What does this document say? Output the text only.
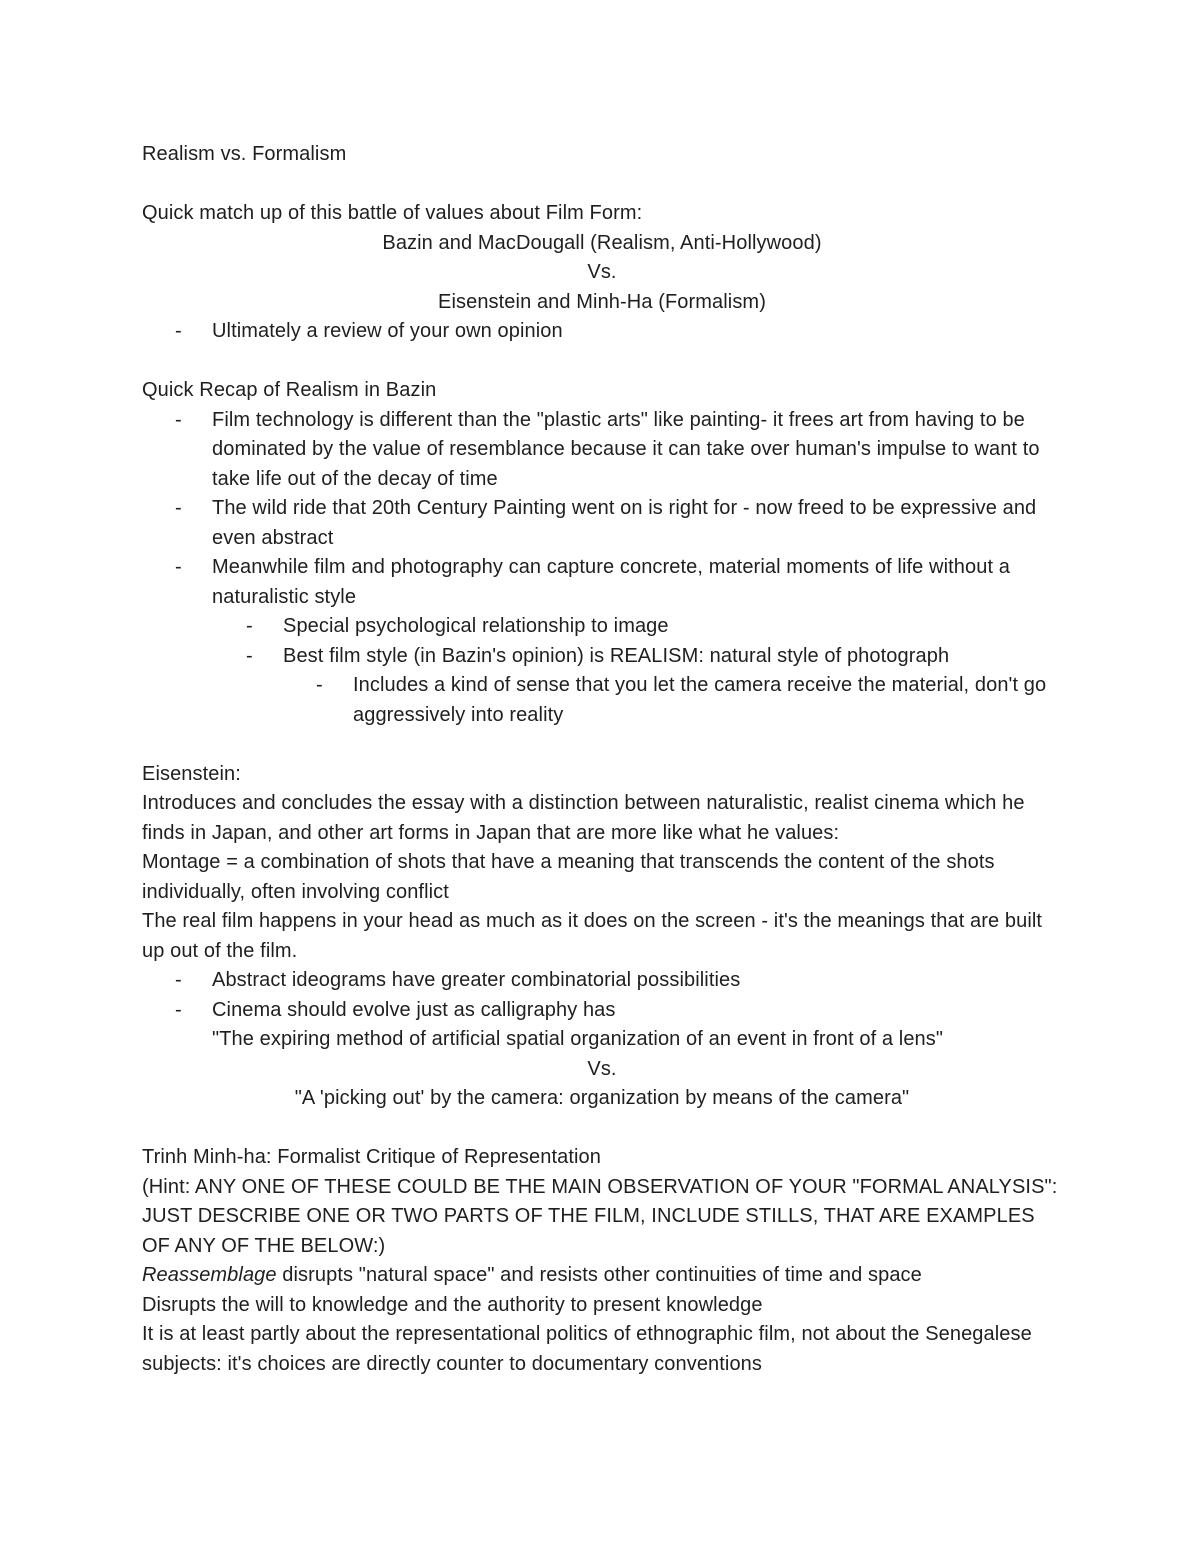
Realism vs. Formalism

Quick match up of this battle of values about Film Form:

Bazin and MacDougall (Realism, Anti-Hollywood)

Vs.

Eisenstein and Minh-Ha (Formalism)

-	Ultimately a review of your own opinion

Quick Recap of Realism in Bazin

-	Film technology is different than the "plastic arts" like painting- it frees art from having to be dominated by the value of resemblance because it can take over human's impulse to want to take life out of the decay of time
-	The wild ride that 20th Century Painting went on is right for - now freed to be expressive and even abstract
-	Meanwhile film and photography can capture concrete, material moments of life without a naturalistic style
-	Special psychological relationship to image
-	Best film style (in Bazin's opinion) is REALISM: natural style of photograph
-	Includes a kind of sense that you let the camera receive the material, don't go aggressively into reality

Eisenstein:

Introduces and concludes the essay with a distinction between naturalistic, realist cinema which he finds in Japan, and other art forms in Japan that are more like what he values:

Montage = a combination of shots that have a meaning that transcends the content of the shots individually, often involving conflict

The real film happens in your head as much as it does on the screen - it's the meanings that are built up out of the film.

-	Abstract ideograms have greater combinatorial possibilities
-	Cinema should evolve just as calligraphy has

"The expiring method of artificial spatial organization of an event in front of a lens"

Vs.

"A 'picking out' by the camera: organization by means of the camera"

Trinh Minh-ha: Formalist Critique of Representation

(Hint: ANY ONE OF THESE COULD BE THE MAIN OBSERVATION OF YOUR "FORMAL ANALYSIS": JUST DESCRIBE ONE OR TWO PARTS OF THE FILM, INCLUDE STILLS, THAT ARE EXAMPLES OF ANY OF THE BELOW:)

Reassemblage disrupts "natural space" and resists other continuities of time and space

Disrupts the will to knowledge and the authority to present knowledge

It is at least partly about the representational politics of ethnographic film, not about the Senegalese subjects: it's choices are directly counter to documentary conventions
